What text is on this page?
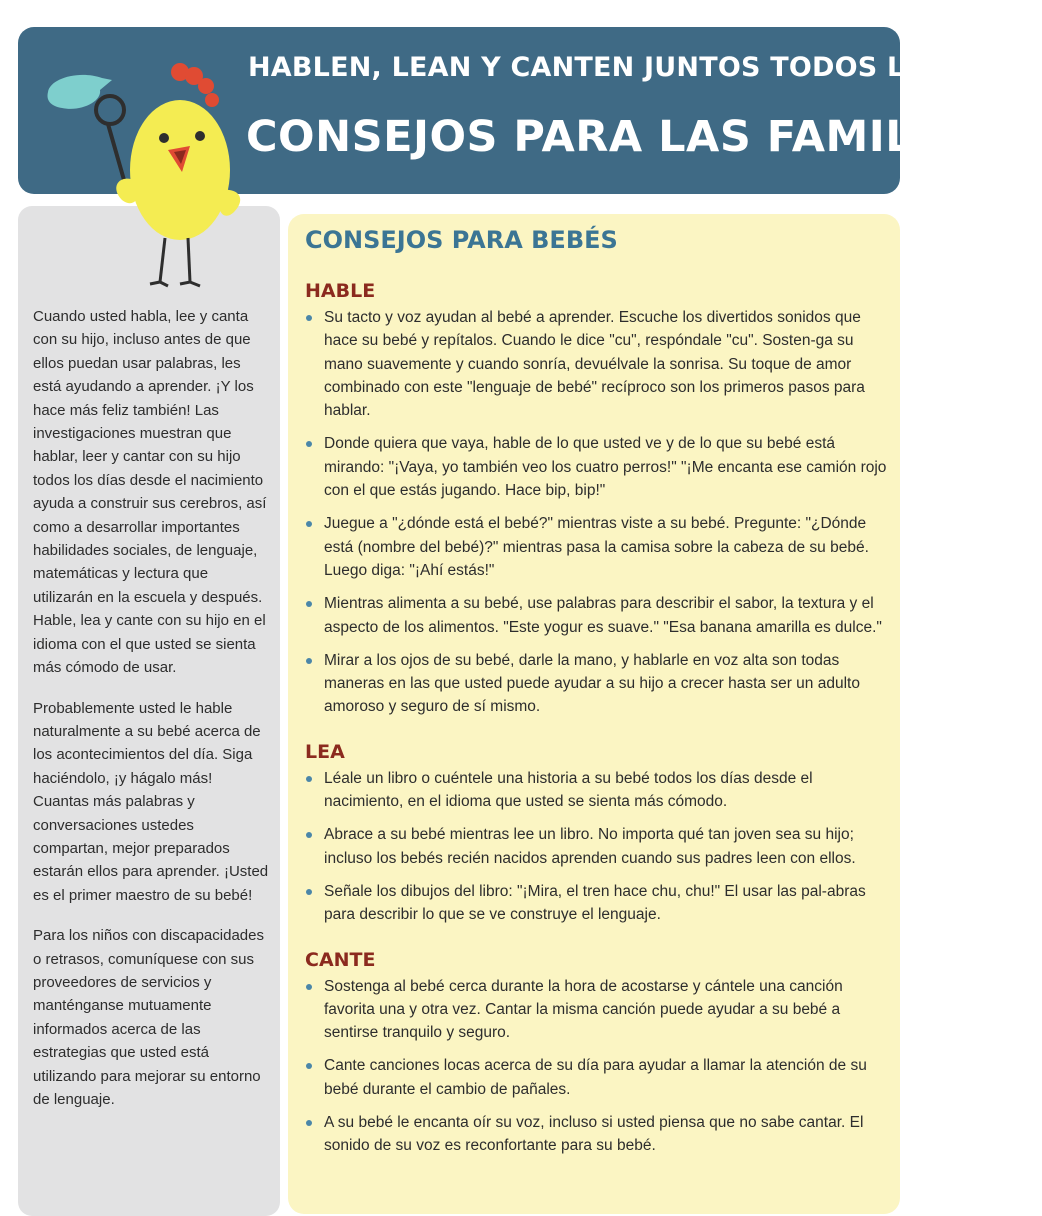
HABLEN, LEAN Y CANTEN JUNTOS TODOS LOS DÍAS!
CONSEJOS PARA LAS FAMILIAS

Cuando usted habla, lee y canta con su hijo, incluso antes de que ellos puedan usar palabras, les está ayudando a aprender. ¡Y los hace más feliz también! Las investigaciones muestran que hablar, leer y cantar con su hijo todos los días desde el nacimiento ayuda a construir sus cerebros, así como a desarrollar importantes habilidades sociales, de lenguaje, matemáticas y lectura que utilizarán en la escuela y después. Hable, lea y cante con su hijo en el idioma con el que usted se sienta más cómodo de usar.

Probablemente usted le hable naturalmente a su bebé acerca de los acontecimientos del día. Siga haciéndolo, ¡y hágalo más! Cuantas más palabras y conversaciones ustedes compartan, mejor preparados estarán ellos para aprender. ¡Usted es el primer maestro de su bebé!

Para los niños con discapacidades o retrasos, comuníquese con sus proveedores de servicios y manténganse mutuamente informados acerca de las estrategias que usted está utilizando para mejorar su entorno de lenguaje.

CONSEJOS PARA BEBÉS
HABLE
Su tacto y voz ayudan al bebé a aprender. Escuche los divertidos sonidos que hace su bebé y repítalos. Cuando le dice "cu", respóndale "cu". Sosten-ga su mano suavemente y cuando sonría, devuélvale la sonrisa. Su toque de amor combinado con este "lenguaje de bebé" recíproco son los primeros pasos para hablar.
Donde quiera que vaya, hable de lo que usted ve y de lo que su bebé está mirando: "¡Vaya, yo también veo los cuatro perros!" "¡Me encanta ese camión rojo con el que estás jugando. Hace bip, bip!"
Juegue a "¿dónde está el bebé?" mientras viste a su bebé. Pregunte: "¿Dónde está (nombre del bebé)?" mientras pasa la camisa sobre la cabeza de su bebé. Luego diga: "¡Ahí estás!"
Mientras alimenta a su bebé, use palabras para describir el sabor, la textura y el aspecto de los alimentos. "Este yogur es suave." "Esa banana amarilla es dulce."
Mirar a los ojos de su bebé, darle la mano, y hablarle en voz alta son todas maneras en las que usted puede ayudar a su hijo a crecer hasta ser un adulto amoroso y seguro de sí mismo.
LEA
Léale un libro o cuéntele una historia a su bebé todos los días desde el nacimiento, en el idioma que usted se sienta más cómodo.
Abrace a su bebé mientras lee un libro. No importa qué tan joven sea su hijo; incluso los bebés recién nacidos aprenden cuando sus padres leen con ellos.
Señale los dibujos del libro: "¡Mira, el tren hace chu, chu!" El usar las pal-abras para describir lo que se ve construye el lenguaje.
CANTE
Sostenga al bebé cerca durante la hora de acostarse y cántele una canción favorita una y otra vez. Cantar la misma canción puede ayudar a su bebé a sentirse tranquilo y seguro.
Cante canciones locas acerca de su día para ayudar a llamar la atención de su bebé durante el cambio de pañales.
A su bebé le encanta oír su voz, incluso si usted piensa que no sabe cantar. El sonido de su voz es reconfortante para su bebé.
